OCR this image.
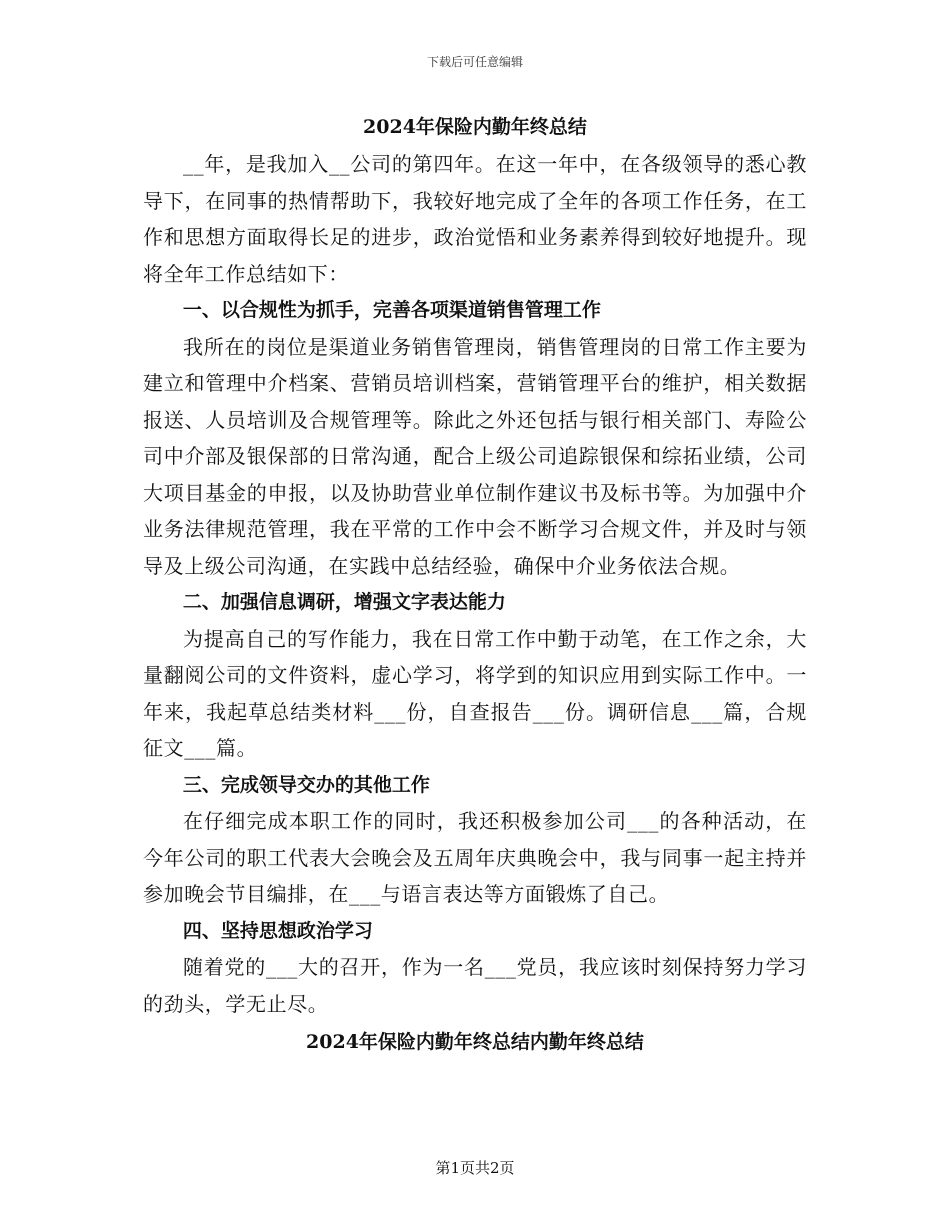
下载后可任意编辑
2024年保险内勤年终总结

__年，是我加入__公司的第四年。在这一年中，在各级领导的悉心教导下，在同事的热情帮助下，我较好地完成了全年的各项工作任务，在工作和思想方面取得长足的进步，政治觉悟和业务素养得到较好地提升。现将全年工作总结如下：

一、以合规性为抓手，完善各项渠道销售管理工作

我所在的岗位是渠道业务销售管理岗，销售管理岗的日常工作主要为建立和管理中介档案、营销员培训档案，营销管理平台的维护，相关数据报送、人员培训及合规管理等。除此之外还包括与银行相关部门、寿险公司中介部及银保部的日常沟通，配合上级公司追踪银保和综拓业绩，公司大项目基金的申报，以及协助营业单位制作建议书及标书等。为加强中介业务法律规范管理，我在平常的工作中会不断学习合规文件，并及时与领导及上级公司沟通，在实践中总结经验，确保中介业务依法合规。

二、加强信息调研，增强文字表达能力

为提高自己的写作能力，我在日常工作中勤于动笔，在工作之余，大量翻阅公司的文件资料，虚心学习，将学到的知识应用到实际工作中。一年来，我起草总结类材料___份，自查报告___份。调研信息___篇，合规征文___篇。

三、完成领导交办的其他工作

在仔细完成本职工作的同时，我还积极参加公司___的各种活动，在今年公司的职工代表大会晚会及五周年庆典晚会中，我与同事一起主持并参加晚会节目编排，在___与语言表达等方面锻炼了自己。

四、坚持思想政治学习

随着党的___大的召开，作为一名___党员，我应该时刻保持努力学习的劲头，学无止尽。

2024年保险内勤年终总结内勤年终总结
第1页共2页
